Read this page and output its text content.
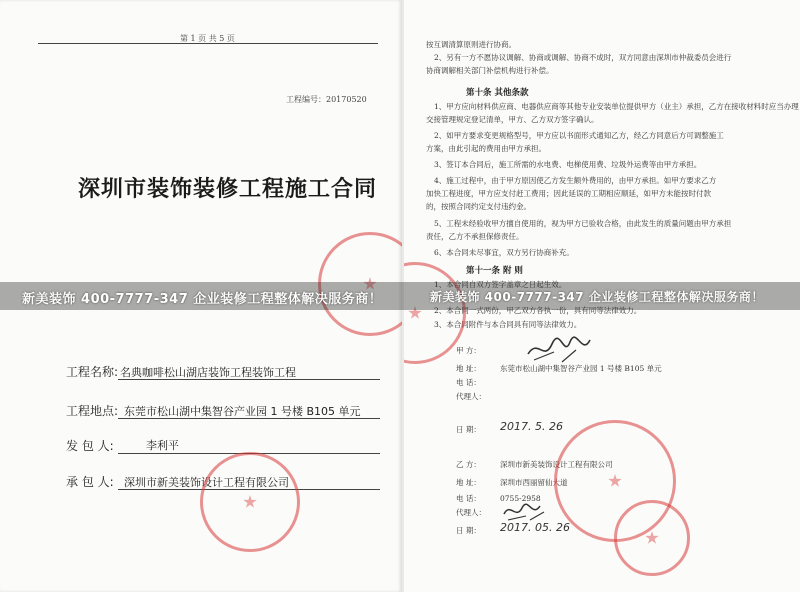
第 1 页 共 5 页
工程编号：20170520
深圳市装饰装修工程施工合同
工程名称: 名典咖啡松山湖店装饰工程装饰工程
工程地点: 东莞市松山湖中集智谷产业园 1 号楼 B105 单元
发 包 人:	李利平
承 包 人: 深圳市新美装饰设计工程有限公司
按互调清算原则进行协商。
2、另有一方不愿协议调解、协商或调解、协商不成时，双方同意由深圳市仲裁委员会进行
协商调解相关部门补偿机构进行补偿。
第十条 其他条款
1、甲方应向材料供应商、电器供应商等其他专业安装单位提供甲方（业主）承担，乙方在接收材料时应当办理
交接管理规定登记清单，甲方、乙方双方签字确认。
2、如甲方要求变更规格型号，甲方应以书面形式通知乙方，经乙方同意后方可调整施工
方案，由此引起的费用由甲方承担。
3、签订本合同后，施工所需的水电费、电梯使用费、垃圾外运费等由甲方承担。
4、施工过程中，由于甲方原因使乙方发生额外费用的，由甲方承担。如甲方要求乙方
加快工程进度，甲方应支付赶工费用；因此延误的工期相应顺延，如甲方未能按时付款
的，按照合同约定支付违约金。
5、工程未经验收甲方擅自使用的，视为甲方已验收合格，由此发生的质量问题由甲方承担
责任，乙方不承担保修责任。
6、本合同未尽事宜，双方另行协商补充。
第十一条 附 则
1、本合同自双方签字盖章之日起生效。
2、本合同一式两份，甲乙双方各执一份，具有同等法律效力。
3、本合同附件与本合同具有同等法律效力。
甲 方：
地 址：	东莞市松山湖中集智谷产业园 1 号楼 B105 单元
电 话：
代理人：
日 期： 2017. 5. 26
乙 方：	深圳市新美装饰设计工程有限公司
地 址：	深圳市西丽留仙大道
电 话：	0755-2958
代理人：
日 期： 2017. 05. 26
新美装饰 400-7777-347 企业装修工程整体解决服务商！	新美装饰 400-7777-347 企业装修工程整体解决服务商！
